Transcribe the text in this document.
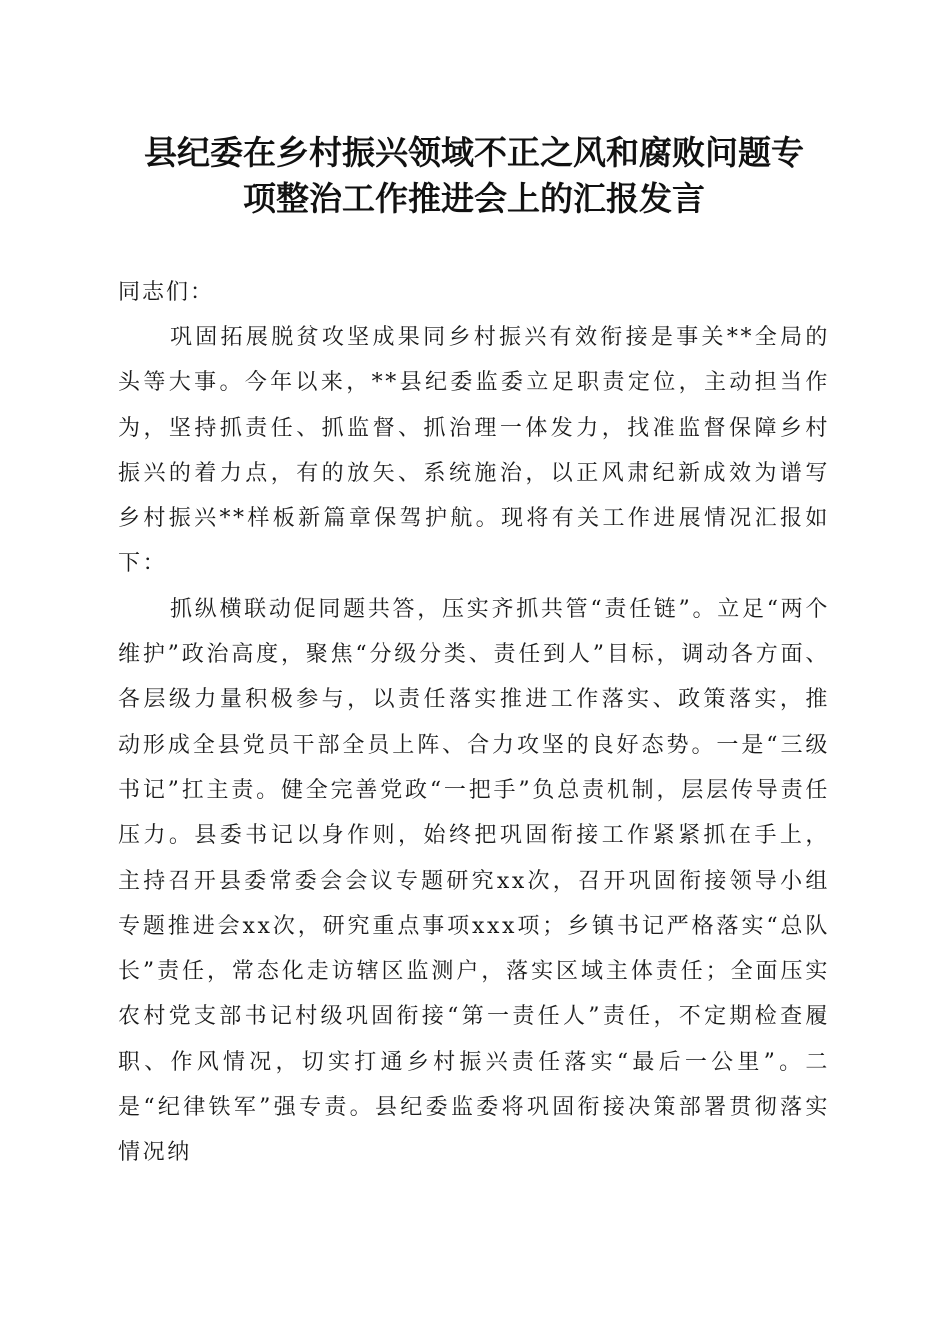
县纪委在乡村振兴领域不正之风和腐败问题专
项整治工作推进会上的汇报发言

同志们：

巩固拓展脱贫攻坚成果同乡村振兴有效衔接是事关**全局的头等大事。今年以来，**县纪委监委立足职责定位，主动担当作为，坚持抓责任、抓监督、抓治理一体发力，找准监督保障乡村振兴的着力点，有的放矢、系统施治，以正风肃纪新成效为谱写乡村振兴**样板新篇章保驾护航。现将有关工作进展情况汇报如下：

抓纵横联动促同题共答，压实齐抓共管“责任链”。立足“两个维护”政治高度，聚焦“分级分类、责任到人”目标，调动各方面、各层级力量积极参与，以责任落实推进工作落实、政策落实，推动形成全县党员干部全员上阵、合力攻坚的良好态势。一是“三级书记”扛主责。健全完善党政“一把手”负总责机制，层层传导责任压力。县委书记以身作则，始终把巩固衔接工作紧紧抓在手上，主持召开县委常委会会议专题研究xx次，召开巩固衔接领导小组专题推进会xx次，研究重点事项xxx项；乡镇书记严格落实“总队长”责任，常态化走访辖区监测户，落实区域主体责任；全面压实农村党支部书记村级巩固衔接“第一责任人”责任，不定期检查履职、作风情况，切实打通乡村振兴责任落实“最后一公里”。二是“纪律铁军”强专责。县纪委监委将巩固衔接决策部署贯彻落实情况纳
